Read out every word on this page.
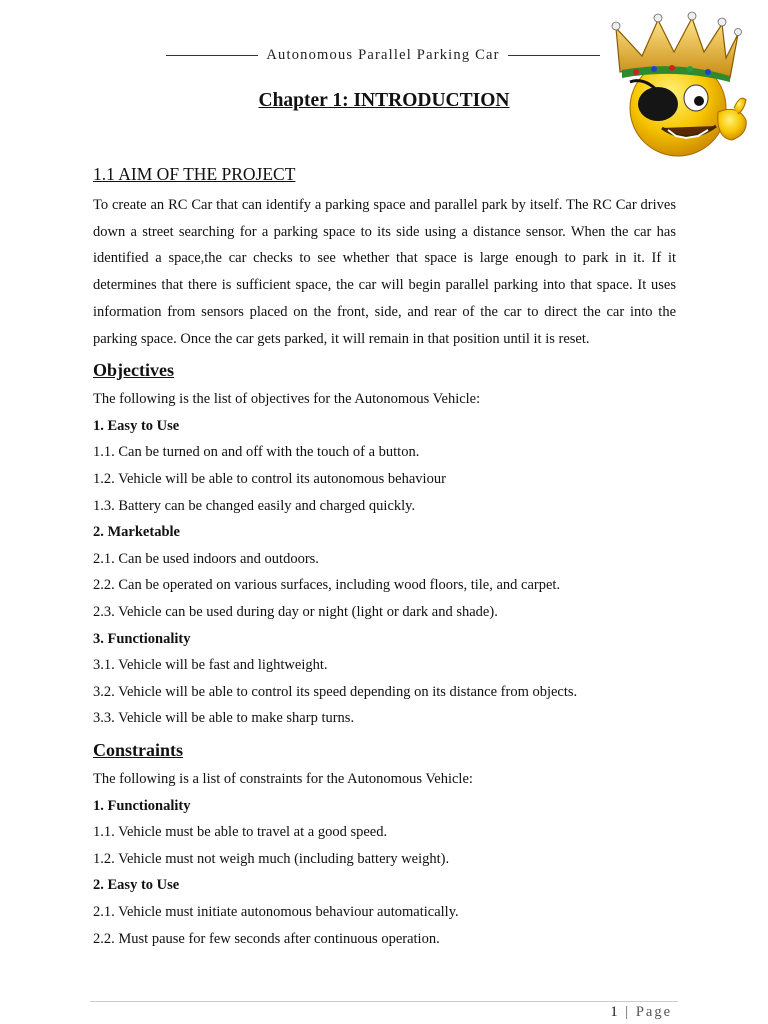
Autonomous Parallel Parking Car
Chapter 1: INTRODUCTION
1.1 AIM OF THE PROJECT

To create an RC Car that can identify a parking space and parallel park by itself. The RC Car drives down a street searching for a parking space to its side using a distance sensor. When the car has identified a space,the car checks to see whether that space is large enough to park in it. If it determines that there is sufficient space, the car will begin parallel parking into that space. It uses information from sensors placed on the front, side, and rear of the car to direct the car into the parking space. Once the car gets parked, it will remain in that position until it is reset.

Objectives

The following is the list of objectives for the Autonomous Vehicle:

1. Easy to Use

1.1. Can be turned on and off with the touch of a button.

1.2. Vehicle will be able to control its autonomous behaviour

1.3. Battery can be changed easily and charged quickly.

2. Marketable

2.1. Can be used indoors and outdoors.

2.2. Can be operated on various surfaces, including wood floors, tile, and carpet.

2.3. Vehicle can be used during day or night (light or dark and shade).

3. Functionality

3.1. Vehicle will be fast and lightweight.

3.2. Vehicle will be able to control its speed depending on its distance from objects.

3.3. Vehicle will be able to make sharp turns.

Constraints

The following is a list of constraints for the Autonomous Vehicle:

1. Functionality

1.1. Vehicle must be able to travel at a good speed.

1.2. Vehicle must not weigh much (including battery weight).

2. Easy to Use

2.1. Vehicle must initiate autonomous behaviour automatically.

2.2. Must pause for few seconds after continuous operation.

1 | Page
